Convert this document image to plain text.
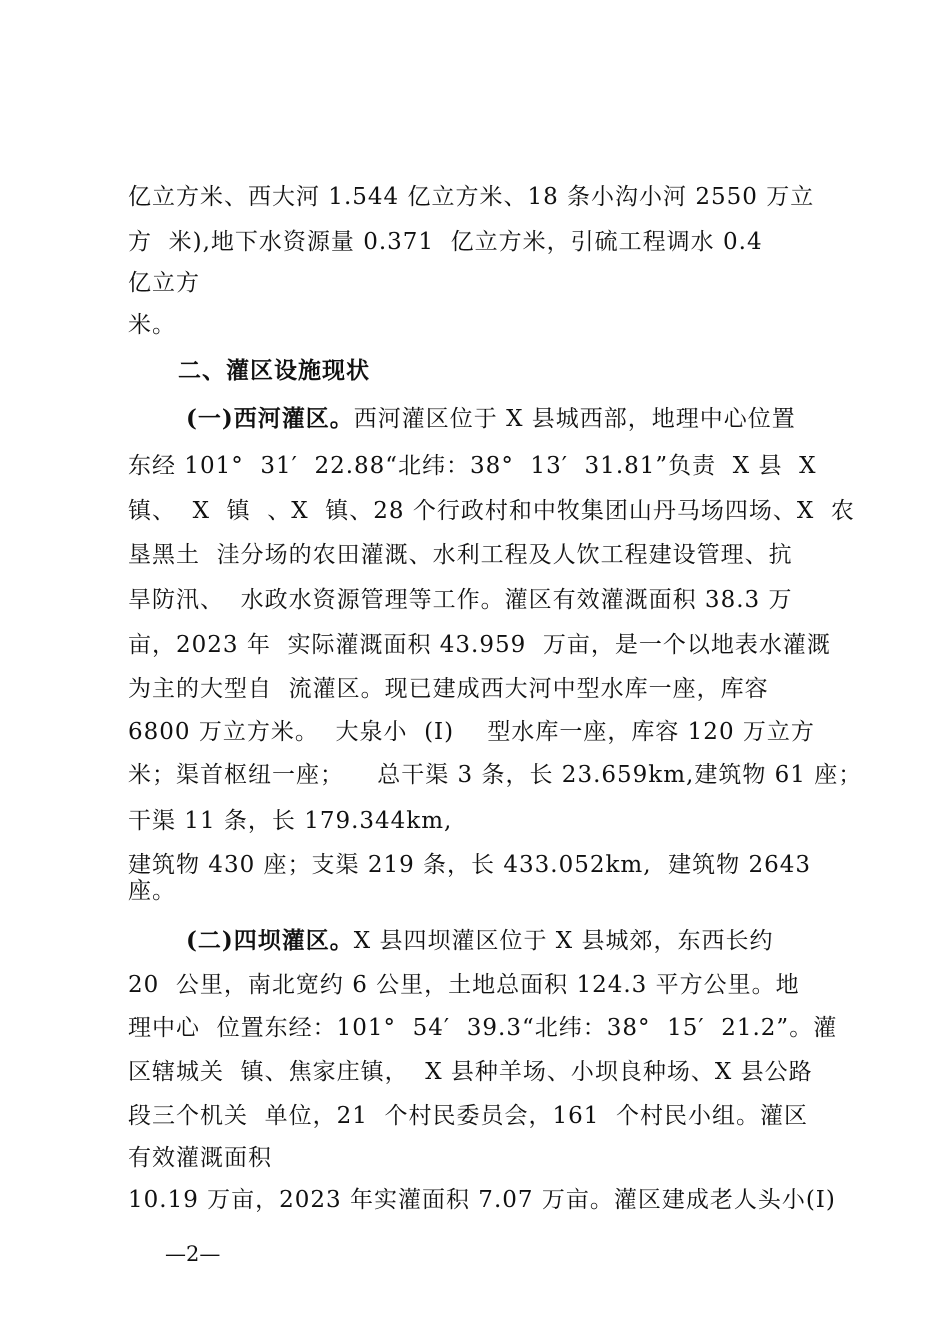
亿立方米、西大河 1.544 亿立方米、18 条小沟小河 2550 万立
方  米),地下水资源量 0.371  亿立方米，引硫工程调水 0.4
亿立方
米。
二、灌区设施现状
(一)西河灌区。西河灌区位于 X 县城西部，地理中心位置
东经 101°  31′  22.88“北纬：38°  13′  31.81”负责  X 县  X
镇、  X  镇  、X  镇、28 个行政村和中牧集团山丹马场四场、X  农
垦黑土  洼分场的农田灌溉、水利工程及人饮工程建设管理、抗
旱防汛、  水政水资源管理等工作。灌区有效灌溉面积 38.3 万
亩，2023 年  实际灌溉面积 43.959  万亩，是一个以地表水灌溉
为主的大型自  流灌区。现已建成西大河中型水库一座，库容
6800 万立方米。  大泉小  (I)    型水库一座，库容 120 万立方
米；渠首枢纽一座；    总干渠 3 条，长 23.659km,建筑物 61 座；
干渠 11 条，长 179.344km,
建筑物 430 座；支渠 219 条，长 433.052km,  建筑物 2643
座。
(二)四坝灌区。X 县四坝灌区位于 X 县城郊，东西长约
20  公里，南北宽约 6 公里，土地总面积 124.3 平方公里。地
理中心  位置东经：101°  54′  39.3“北纬：38°  15′  21.2”。灌
区辖城关  镇、焦家庄镇，  X 县种羊场、小坝良种场、X 县公路
段三个机关  单位，21  个村民委员会，161  个村民小组。灌区
有效灌溉面积
10.19 万亩，2023 年实灌面积 7.07 万亩。灌区建成老人头小(I)
—2—
